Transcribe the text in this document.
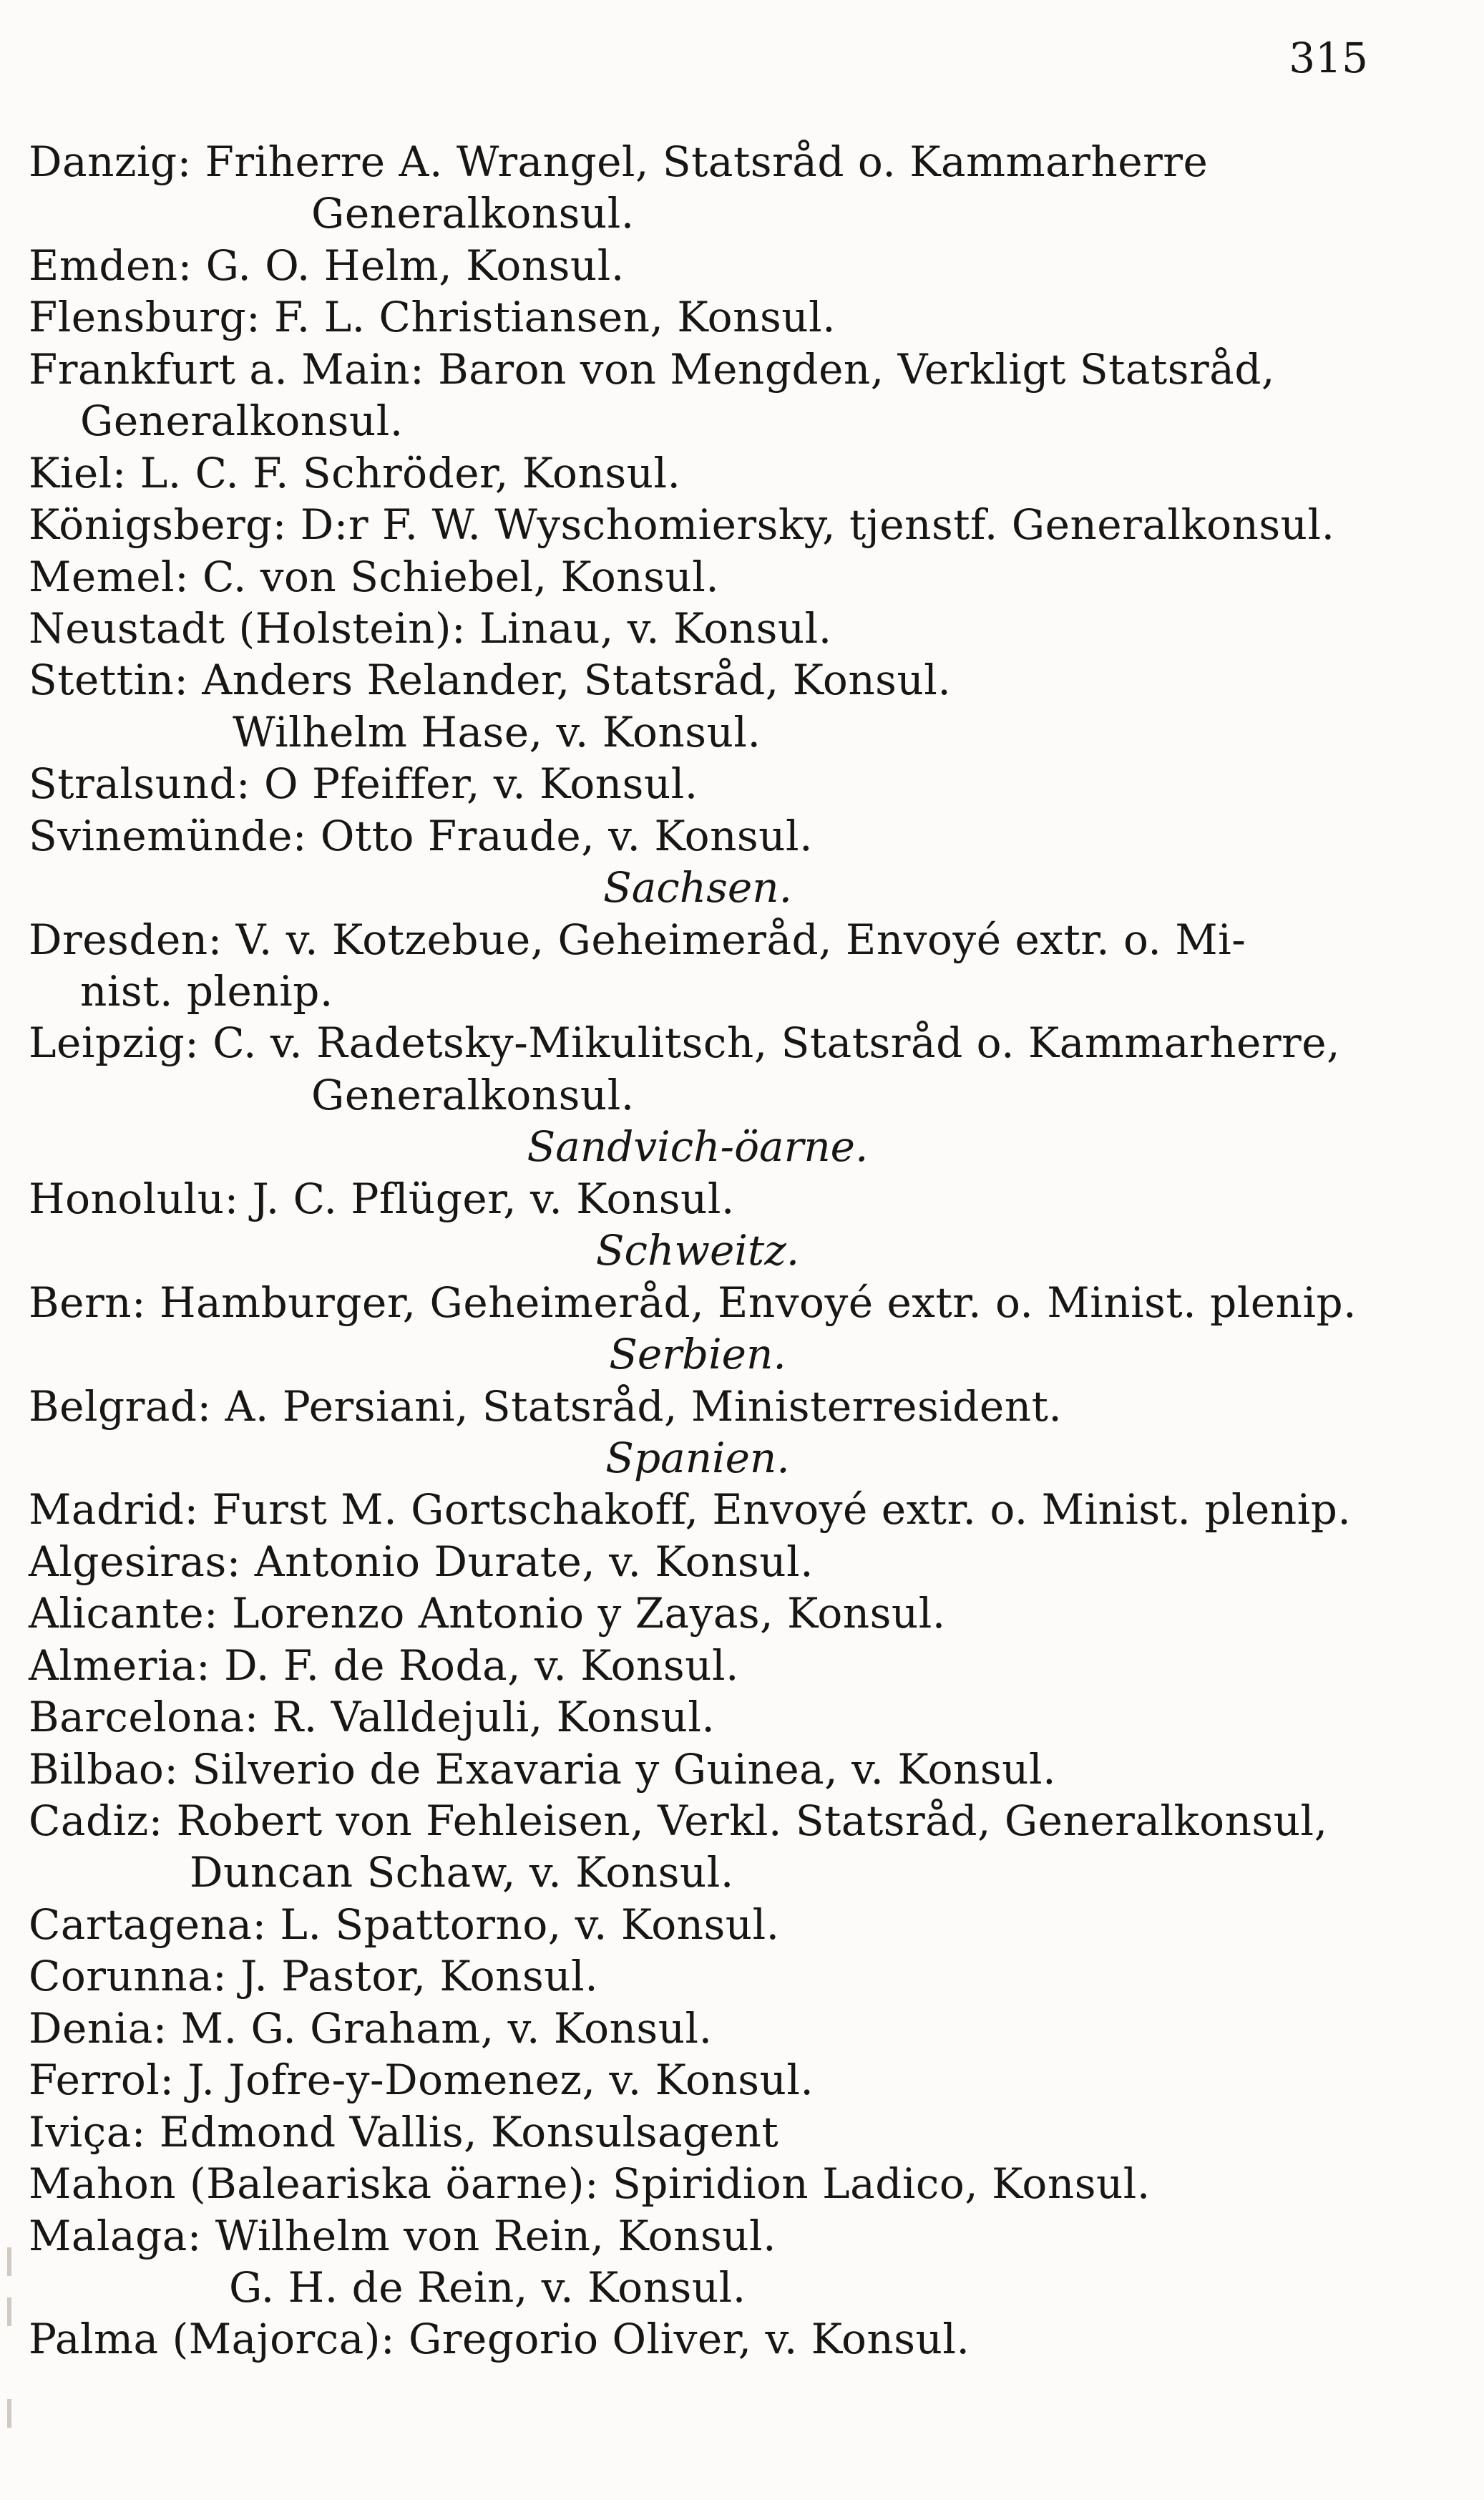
315
Danzig: Friherre A. Wrangel, Statsråd o. Kammarherre
Generalkonsul.
Emden: G. O. Helm, Konsul.
Flensburg: F. L. Christiansen, Konsul.
Frankfurt a. Main: Baron von Mengden, Verkligt Statsråd,
Generalkonsul.
Kiel: L. C. F. Schröder, Konsul.
Königsberg: D:r F. W. Wyschomiersky, tjenstf. Generalkonsul.
Memel: C. von Schiebel, Konsul.
Neustadt (Holstein): Linau, v. Konsul.
Stettin: Anders Relander, Statsråd, Konsul.
Wilhelm Hase, v. Konsul.
Stralsund: O Pfeiffer, v. Konsul.
Svinemünde: Otto Fraude, v. Konsul.
Sachsen.
Dresden: V. v. Kotzebue, Geheimeråd, Envoyé extr. o. Mi-
nist. plenip.
Leipzig: C. v. Radetsky-Mikulitsch, Statsråd o. Kammarherre,
Generalkonsul.
Sandvich-öarne.
Honolulu: J. C. Pflüger, v. Konsul.
Schweitz.
Bern: Hamburger, Geheimeråd, Envoyé extr. o. Minist. plenip.
Serbien.
Belgrad: A. Persiani, Statsråd, Ministerresident.
Spanien.
Madrid: Furst M. Gortschakoff, Envoyé extr. o. Minist. plenip.
Algesiras: Antonio Durate, v. Konsul.
Alicante: Lorenzo Antonio y Zayas, Konsul.
Almeria: D. F. de Roda, v. Konsul.
Barcelona: R. Valldejuli, Konsul.
Bilbao: Silverio de Exavaria y Guinea, v. Konsul.
Cadiz: Robert von Fehleisen, Verkl. Statsråd, Generalkonsul,
Duncan Schaw, v. Konsul.
Cartagena: L. Spattorno, v. Konsul.
Corunna: J. Pastor, Konsul.
Denia: M. G. Graham, v. Konsul.
Ferrol: J. Jofre-y-Domenez, v. Konsul.
Iviça: Edmond Vallis, Konsulsagent
Mahon (Baleariska öarne): Spiridion Ladico, Konsul.
Malaga: Wilhelm von Rein, Konsul.
G. H. de Rein, v. Konsul.
Palma (Majorca): Gregorio Oliver, v. Konsul.
